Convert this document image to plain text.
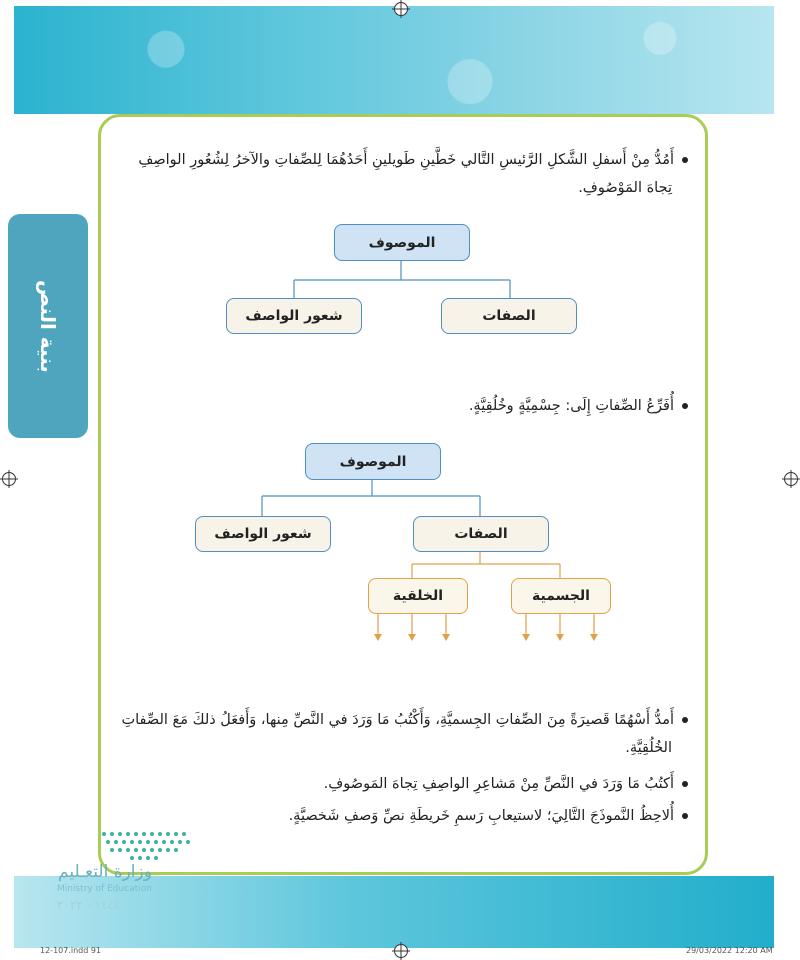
بنية النص
أَمُدُّ مِنْ أَسفلِ الشَّكلِ الرَّئيسِ التَّالي خَطَّينِ طَويلينِ أَحَدُهُمَا لِلصِّفاتِ والآخرُ لِشُعُورِ الواصِفِ
تِجاهَ المَوْصُوفِ.
الموصوف
الصفات
شعور الواصف
أُفَرِّعُ الصِّفاتِ إِلَى: جِسْمِيَّةٍ وخُلُقِيَّةٍ.
الموصوف
الصفات
شعور الواصف
الجسمية
الخلقية
أَمدُّ أَسْهُمًا قَصيرَةً مِنَ الصِّفاتِ الجِسميَّةِ، وَأَكْتُبُ مَا وَرَدَ في النَّصِّ مِنها، وَأَفعَلُ ذلكَ مَعَ الصِّفاتِ
الخُلُقِيَّةِ.
أَكتُبُ مَا وَرَدَ في النَّصِّ مِنْ مَشاعِرِ الواصِفِ تِجاهَ المَوصُوفِ.
أُلاحِظُ النَّموذَجَ التَّالِيَ؛ لاستيعابِ رَسمِ خَريطَةِ نصِّ وَصفِ شَخصيَّةٍ.
وزارة التعـليم
Ministry of Education
١٤٤٤ - ٢٠٢٢
12-107.indd 91	29/03/2022 12:20 AM
